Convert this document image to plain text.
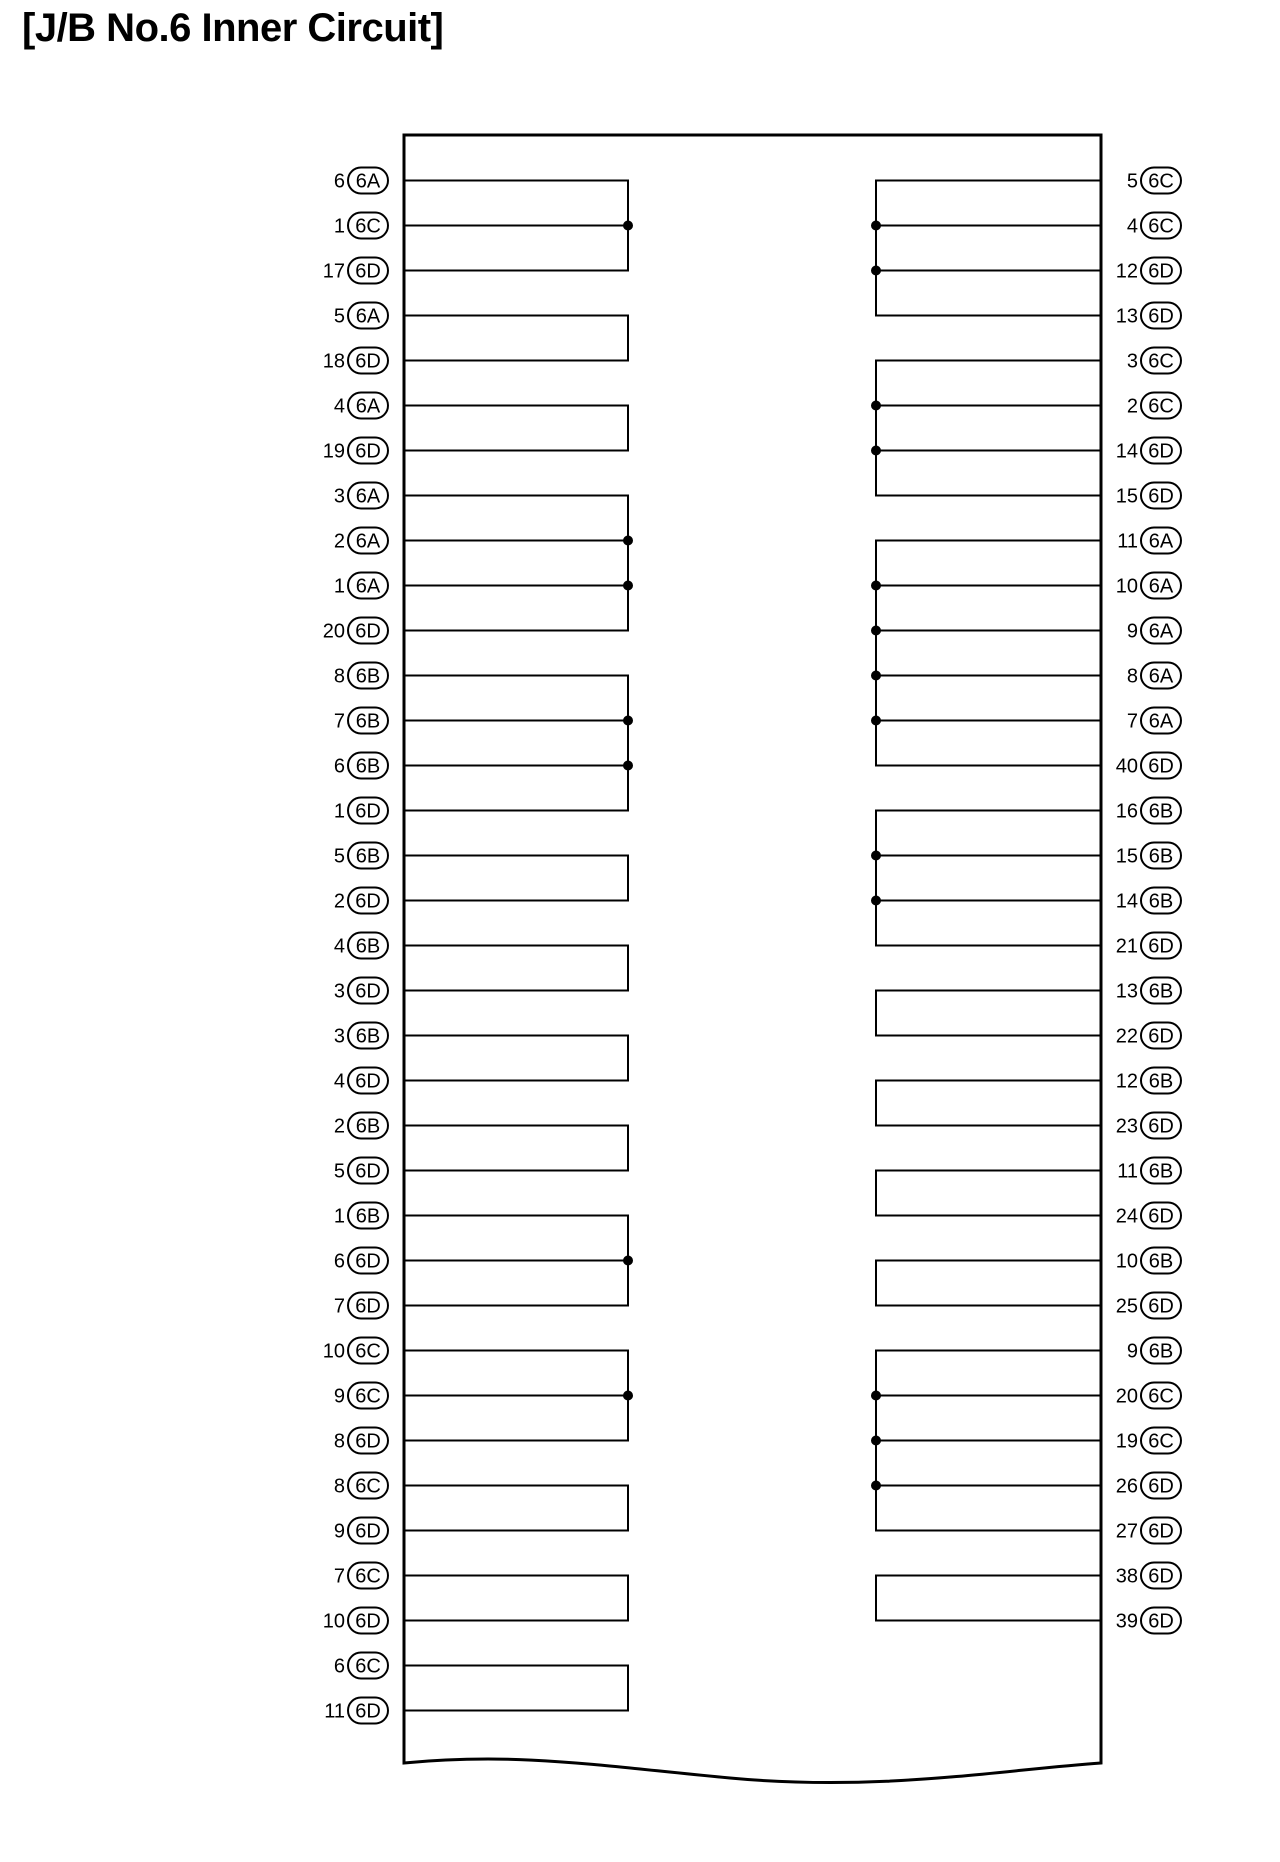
[J/B No.6 Inner Circuit]
6A
6
6C
1
6D
17
6A
5
6D
18
6A
4
6D
19
6A
3
6A
2
6A
1
6D
20
6B
8
6B
7
6B
6
6D
1
6B
5
6D
2
6B
4
6D
3
6B
3
6D
4
6B
2
6D
5
6B
1
6D
6
6D
7
6C
10
6C
9
6D
8
6C
8
6D
9
6C
7
6D
10
6C
6
6D
11
6C
5
6C
4
6D
12
6D
13
6C
3
6C
2
6D
14
6D
15
6A
11
6A
10
6A
9
6A
8
6A
7
6D
40
6B
16
6B
15
6B
14
6D
21
6B
13
6D
22
6B
12
6D
23
6B
11
6D
24
6B
10
6D
25
6B
9
6C
20
6C
19
6D
26
6D
27
6D
38
6D
39
